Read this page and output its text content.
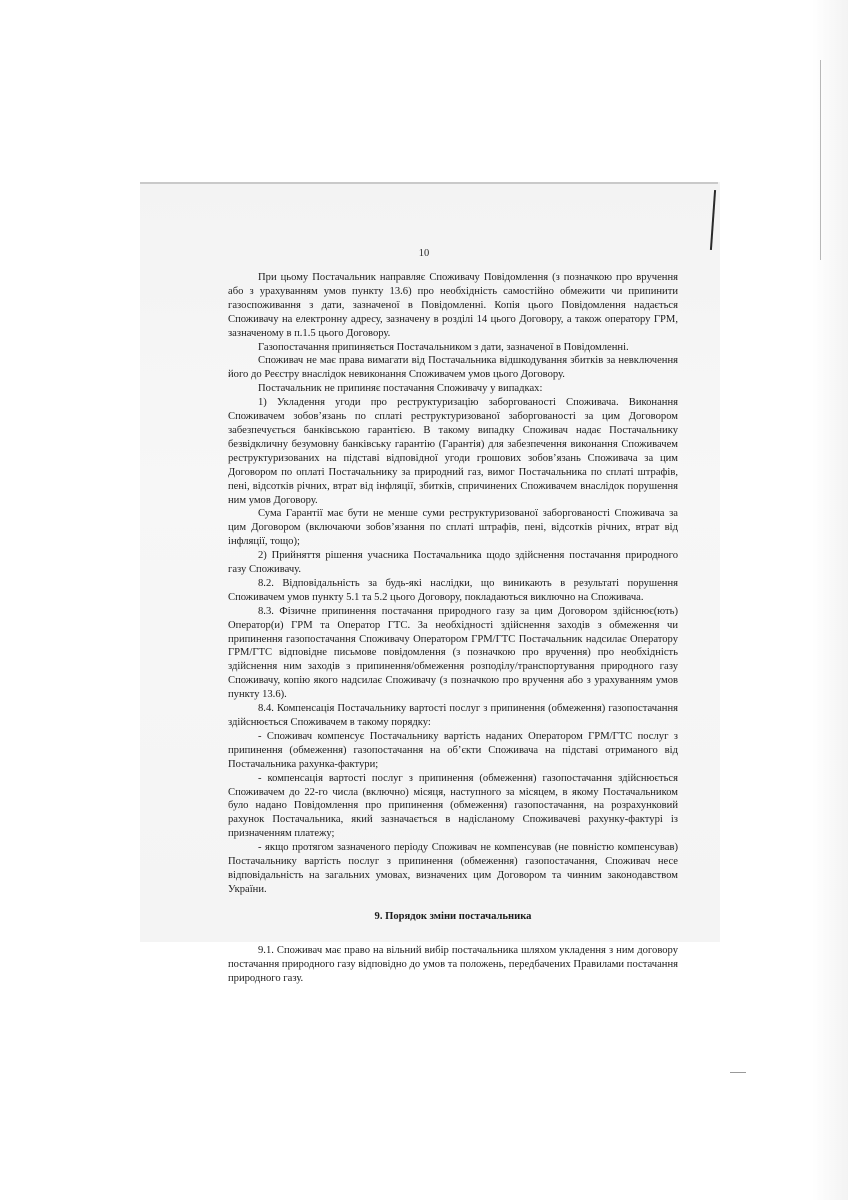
10

При цьому Постачальник направляє Споживачу Повідомлення (з позначкою про вручення або з урахуванням умов пункту 13.6) про необхідність самостійно обмежити чи припинити газоспоживання з дати, зазначеної в Повідомленні. Копія цього Повідомлення надається Споживачу на електронну адресу, зазначену в розділі 14 цього Договору, а також оператору ГРМ, зазначеному в п.1.5 цього Договору.

Газопостачання припиняється Постачальником з дати, зазначеної в Повідомленні.

Споживач не має права вимагати від Постачальника відшкодування збитків за невключення його до Реєстру внаслідок невиконання Споживачем умов цього Договору.

Постачальник не припиняє постачання Споживачу у випадках:

1) Укладення угоди про реструктуризацію заборгованості Споживача. Виконання Споживачем зобов’язань по сплаті реструктуризованої заборгованості за цим Договором забезпечується банківською гарантією. В такому випадку Споживач надає Постачальнику безвідкличну безумовну банківську гарантію (Гарантія) для забезпечення виконання Споживачем реструктуризованих на підставі відповідної угоди грошових зобов’язань Споживача за цим Договором по оплаті Постачальнику за природний газ, вимог Постачальника по сплаті штрафів, пені, відсотків річних, втрат від інфляції, збитків, спричинених Споживачем внаслідок порушення ним умов Договору.

Сума Гарантії має бути не менше суми реструктуризованої заборгованості Споживача за цим Договором (включаючи зобов’язання по сплаті штрафів, пені, відсотків річних, втрат від інфляції, тощо);

2) Прийняття рішення учасника Постачальника щодо здійснення постачання природного газу Споживачу.

8.2. Відповідальність за будь-які наслідки, що виникають в результаті порушення Споживачем умов пункту 5.1 та 5.2 цього Договору, покладаються виключно на Споживача.

8.3. Фізичне припинення постачання природного газу за цим Договором здійснює(ють) Оператор(и) ГРМ та Оператор ГТС. За необхідності здійснення заходів з обмеження чи припинення газопостачання Споживачу Оператором ГРМ/ГТС Постачальник надсилає Оператору ГРМ/ГТС відповідне письмове повідомлення (з позначкою про вручення) про необхідність здійснення ним заходів з припинення/обмеження розподілу/транспортування природного газу Споживачу, копію якого надсилає Споживачу (з позначкою про вручення або з урахуванням умов пункту 13.6).

8.4. Компенсація Постачальнику вартості послуг з припинення (обмеження) газопостачання здійснюється Споживачем в такому порядку:

- Споживач компенсує Постачальнику вартість наданих Оператором ГРМ/ГТС послуг з припинення (обмеження) газопостачання на об’єкти Споживача на підставі отриманого від Постачальника рахунка-фактури;

- компенсація вартості послуг з припинення (обмеження) газопостачання здійснюється Споживачем до 22-го числа (включно) місяця, наступного за місяцем, в якому Постачальником було надано Повідомлення про припинення (обмеження) газопостачання, на розрахунковий рахунок Постачальника, який зазначається в надісланому Споживачеві рахунку-фактурі із призначенням платежу;

- якщо протягом зазначеного періоду Споживач не компенсував (не повністю компенсував) Постачальнику вартість послуг з припинення (обмеження) газопостачання, Споживач несе відповідальність на загальних умовах, визначених цим Договором та чинним законодавством України.

9. Порядок зміни постачальника

9.1. Споживач має право на вільний вибір постачальника шляхом укладення з ним договору постачання природного газу відповідно до умов та положень, передбачених Правилами постачання природного газу.
